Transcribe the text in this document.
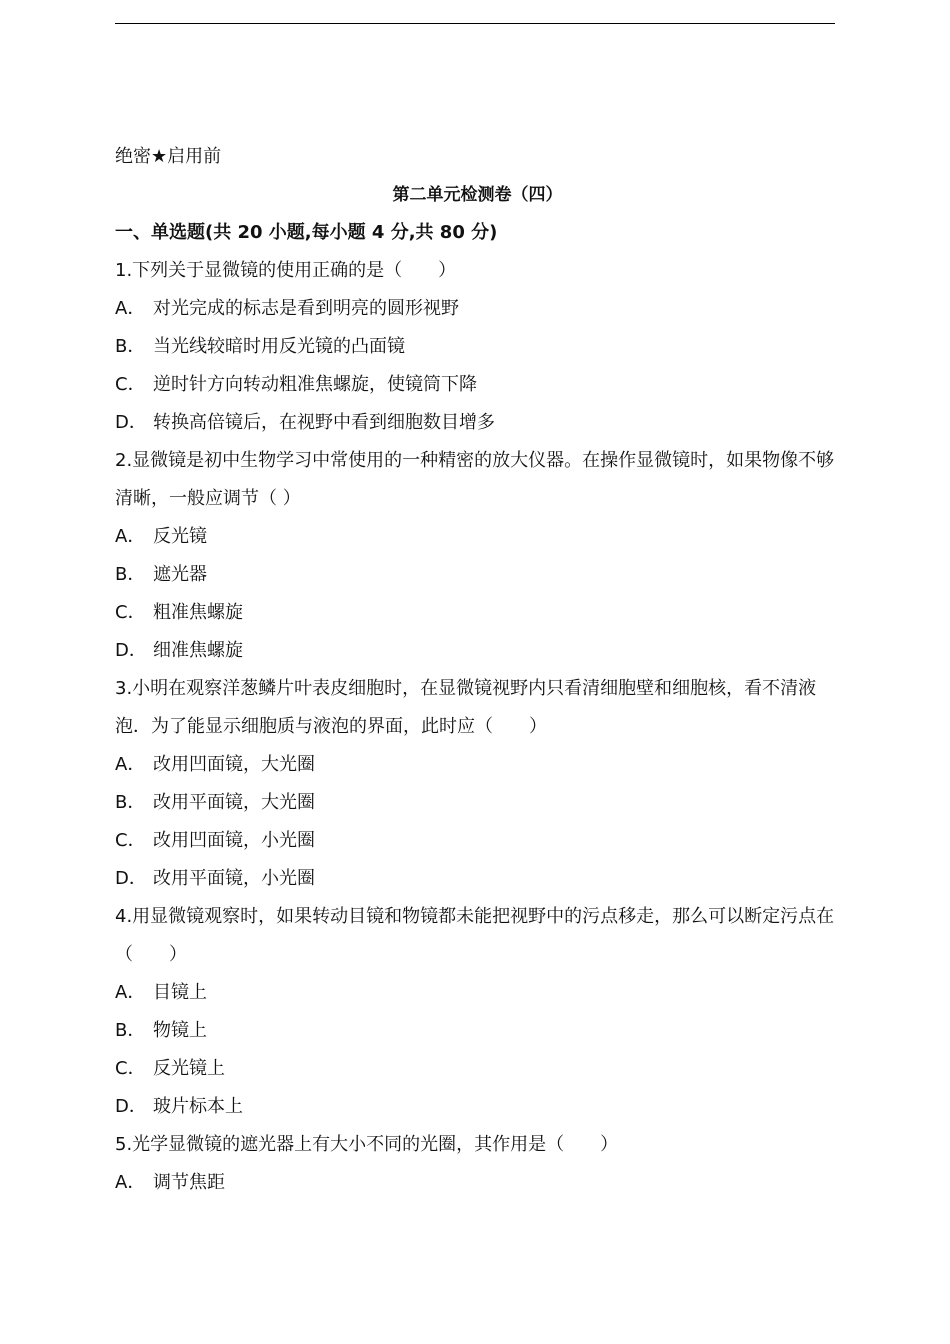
绝密★启用前
第二单元检测卷（四）
一、单选题(共 20 小题,每小题 4 分,共 80 分)
1.下列关于显微镜的使用正确的是（　　）
A． 对光完成的标志是看到明亮的圆形视野
B． 当光线较暗时用反光镜的凸面镜
C． 逆时针方向转动粗准焦螺旋，使镜筒下降
D． 转换高倍镜后，在视野中看到细胞数目增多
2.显微镜是初中生物学习中常使用的一种精密的放大仪器。在操作显微镜时，如果物像不够清晰，一般应调节（ ）
A． 反光镜
B． 遮光器
C． 粗准焦螺旋
D． 细准焦螺旋
3.小明在观察洋葱鳞片叶表皮细胞时，在显微镜视野内只看清细胞壁和细胞核，看不清液泡．为了能显示细胞质与液泡的界面，此时应（　　）
A． 改用凹面镜，大光圈
B． 改用平面镜，大光圈
C． 改用凹面镜，小光圈
D． 改用平面镜，小光圈
4.用显微镜观察时，如果转动目镜和物镜都未能把视野中的污点移走，那么可以断定污点在（　　）
A． 目镜上
B． 物镜上
C． 反光镜上
D． 玻片标本上
5.光学显微镜的遮光器上有大小不同的光圈，其作用是（　　）
A． 调节焦距
